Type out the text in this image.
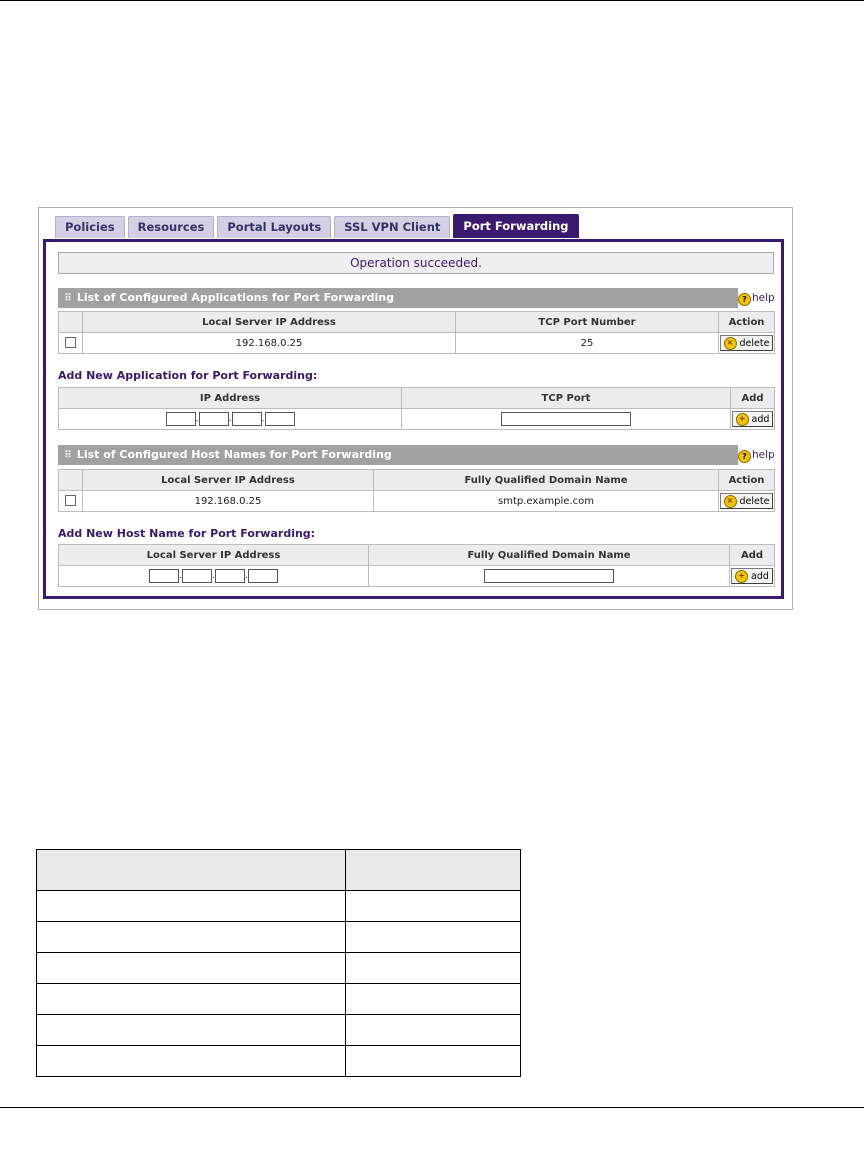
Policies	Resources	Portal Layouts	SSL VPN Client	Port Forwarding
Operation succeeded.
⠿ List of Configured Applications for Port Forwarding	? help
	Local Server IP Address	TCP Port Number	Action
	192.168.0.25	25	× delete
Add New Application for Port Forwarding:
IP Address	TCP Port	Add
. . .		+ add
⠿ List of Configured Host Names for Port Forwarding	? help
	Local Server IP Address	Fully Qualified Domain Name	Action
	192.168.0.25	smtp.example.com	× delete
Add New Host Name for Port Forwarding:
Local Server IP Address	Fully Qualified Domain Name	Add
. . .		+ add
